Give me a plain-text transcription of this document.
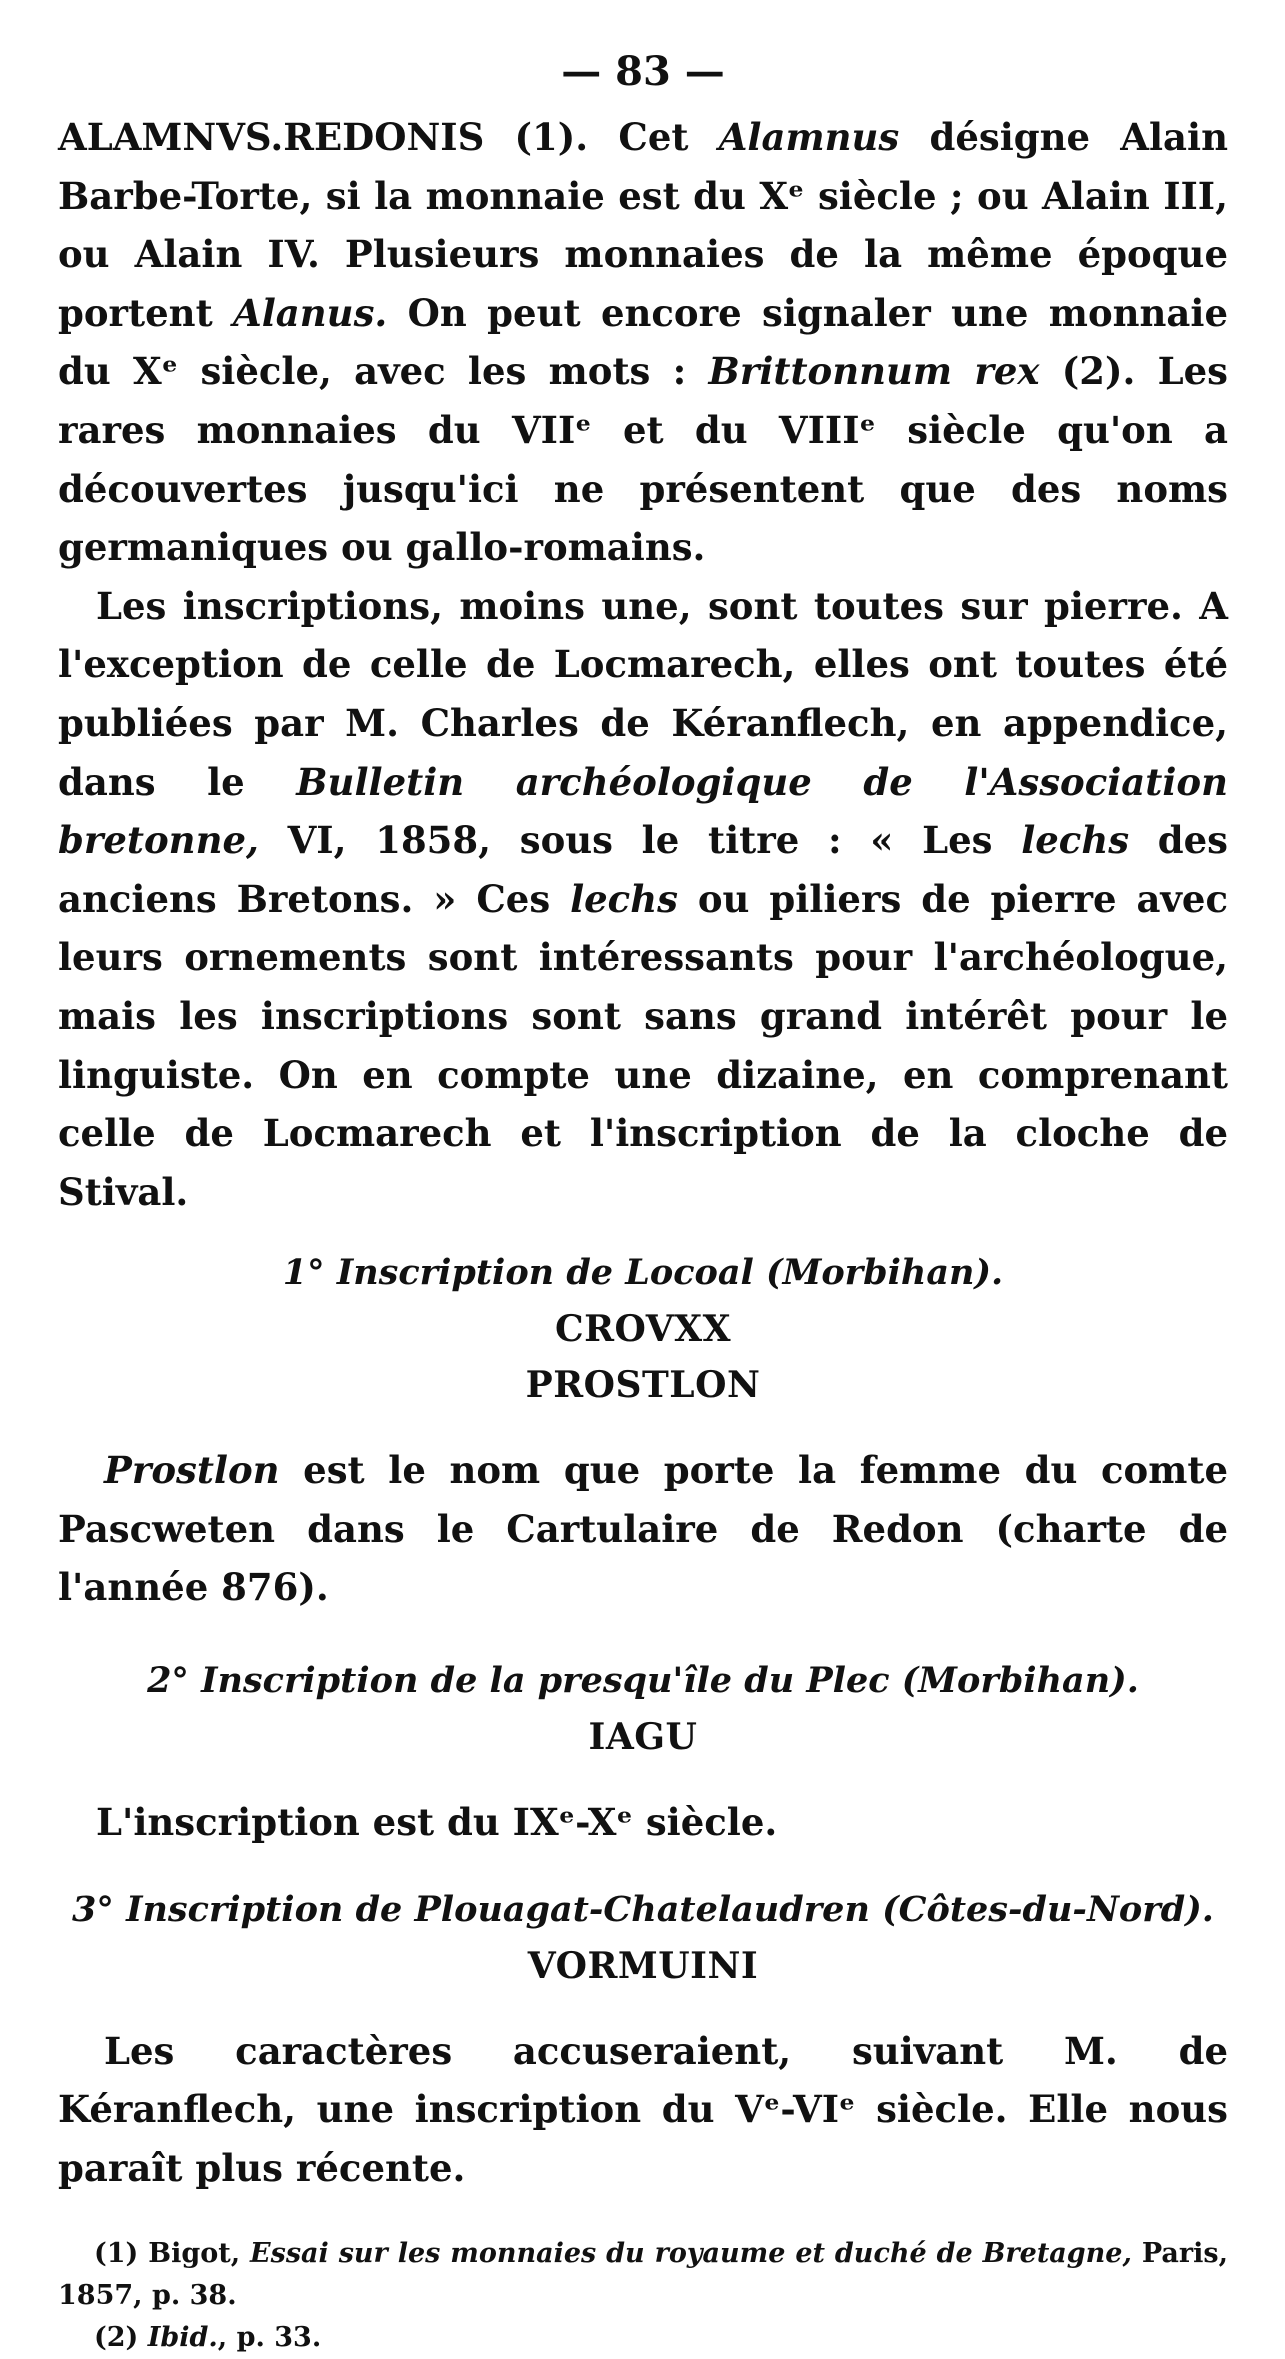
— 83 —

ALAMNVS.REDONIS (1). Cet Alamnus désigne Alain Barbe-Torte, si la monnaie est du Xᵉ siècle ; ou Alain III, ou Alain IV. Plusieurs monnaies de la même époque portent Alanus. On peut encore signaler une monnaie du Xᵉ siècle, avec les mots : Brittonnum rex (2). Les rares monnaies du VIIᵉ et du VIIIᵉ siècle qu'on a découvertes jusqu'ici ne présentent que des noms germaniques ou gallo-romains.

Les inscriptions, moins une, sont toutes sur pierre. A l'exception de celle de Locmarech, elles ont toutes été publiées par M. Charles de Kéranflech, en appendice, dans le Bulletin archéologique de l'Association bretonne, VI, 1858, sous le titre : « Les lechs des anciens Bretons. » Ces lechs ou piliers de pierre avec leurs ornements sont intéressants pour l'archéologue, mais les inscriptions sont sans grand intérêt pour le linguiste. On en compte une dizaine, en comprenant celle de Locmarech et l'inscription de la cloche de Stival.

1° Inscription de Locoal (Morbihan).

CROVXX

PROSTLON

Prostlon est le nom que porte la femme du comte Pascweten dans le Cartulaire de Redon (charte de l'année 876).

2° Inscription de la presqu'île du Plec (Morbihan).

IAGU

L'inscription est du IXᵉ-Xᵉ siècle.

3° Inscription de Plouagat-Chatelaudren (Côtes-du-Nord).

VORMUINI

Les caractères accuseraient, suivant M. de Kéranflech, une inscription du Vᵉ-VIᵉ siècle. Elle nous paraît plus récente.

(1) Bigot, Essai sur les monnaies du royaume et duché de Bretagne, Paris, 1857, p. 38.

(2) Ibid., p. 33.
